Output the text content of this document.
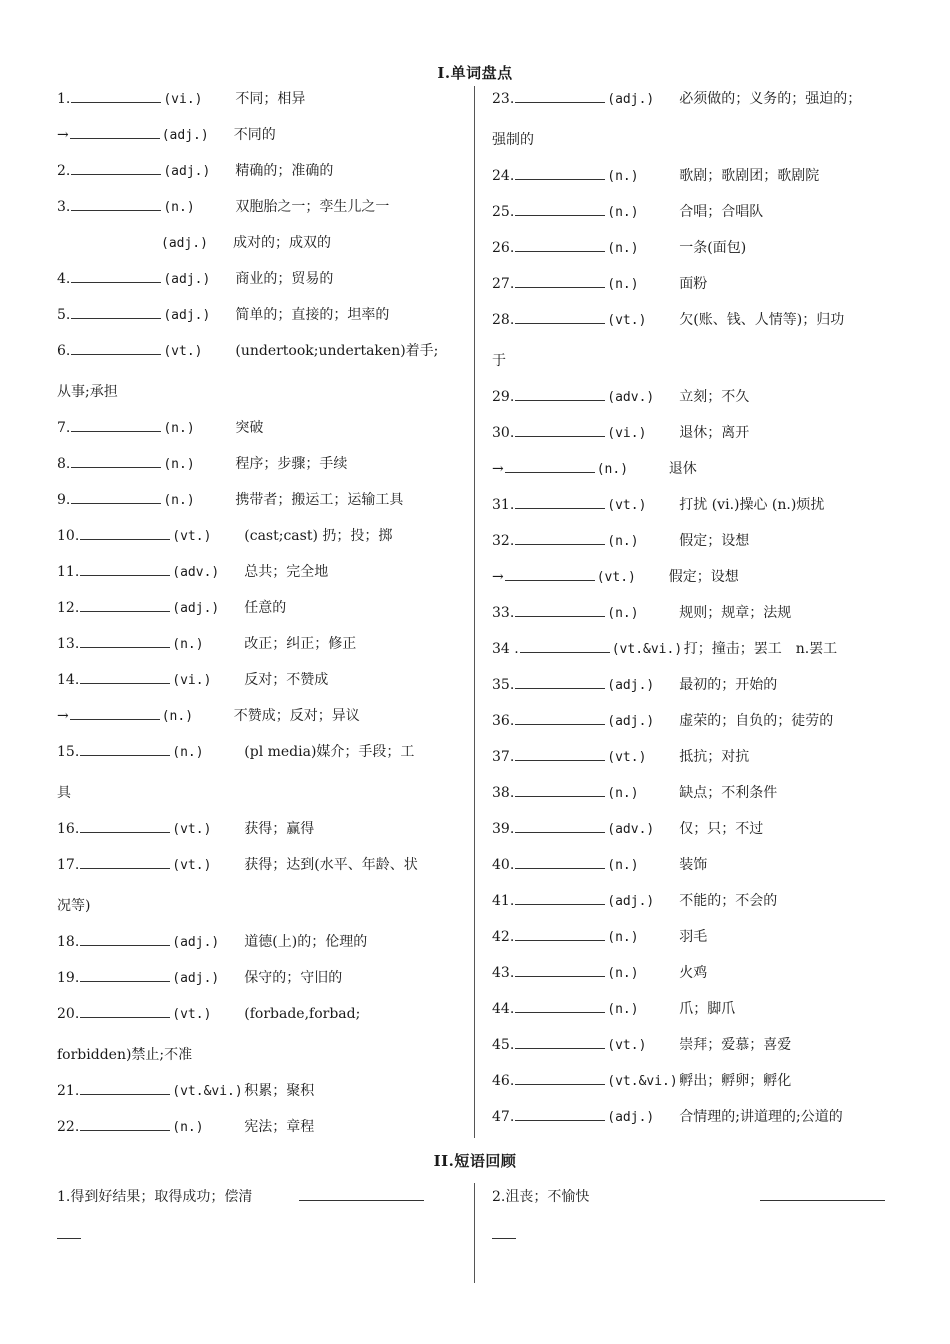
I.单词盘点
1.	(vi.) 不同；相异
→	(adj.) 不同的
2.	(adj.) 精确的；准确的
3.	(n.)	双胞胎之一；孪生儿之一
(adj.) 成对的；成双的
4.	(adj.) 商业的；贸易的
5.	(adj.) 简单的；直接的；坦率的
6.	(vt.) (undertook;undertaken)着手;
从事;承担
7.	(n.)	突破
8.	(n.)	程序；步骤；手续
9.	(n.)	携带者；搬运工；运输工具
10.	(vt.) (cast;cast) 扔；投；掷
11.	(adv.) 总共；完全地
12.	(adj.) 任意的
13.	(n.)	改正；纠正；修正
14.	(vi.) 反对；不赞成
→	(n.)	不赞成；反对；异议
15.	(n.)	(pl media)媒介；手段；工
具
16.	(vt.) 获得；赢得
17.	(vt.) 获得；达到(水平、年龄、状
况等)
18.	(adj.) 道德(上)的；伦理的
19.	(adj.) 保守的；守旧的
20.	(vt.) (forbade,forbad;
forbidden)禁止;不准
21.	(vt.&vi.) 积累；聚积
22.	(n.)	宪法；章程
23.	(adj.) 必须做的；义务的；强迫的；
强制的
24.	(n.)	歌剧；歌剧团；歌剧院
25.	(n.)	合唱；合唱队
26.	(n.)	一条(面包)
27.	(n.)	面粉
28.	(vt.) 欠(账、钱、人情等)；归功
于
29.	(adv.) 立刻；不久
30.	(vi.) 退休；离开
→	(n.)	退休
31.	(vt.) 打扰 (vi.)操心 (n.)烦扰
32.	(n.)	假定；设想
→	(vt.) 假定；设想
33.	(n.)	规则；规章；法规
34 .	(vt.&vi.) 打；撞击；罢工　n.罢工
35.	(adj.) 最初的；开始的
36.	(adj.) 虚荣的；自负的；徒劳的
37.	(vt.) 抵抗；对抗
38.	(n.)	缺点；不利条件
39.	(adv.) 仅；只；不过
40.	(n.)	装饰
41.	(adj.) 不能的；不会的
42.	(n.)	羽毛
43.	(n.)	火鸡
44.	(n.)	爪；脚爪
45.	(vt.) 崇拜；爱慕；喜爱
46.	(vt.&vi.) 孵出；孵卵；孵化
47.	(adj.) 合情理的;讲道理的;公道的
II.短语回顾
1.得到好结果；取得成功；偿清	2.沮丧；不愉快
